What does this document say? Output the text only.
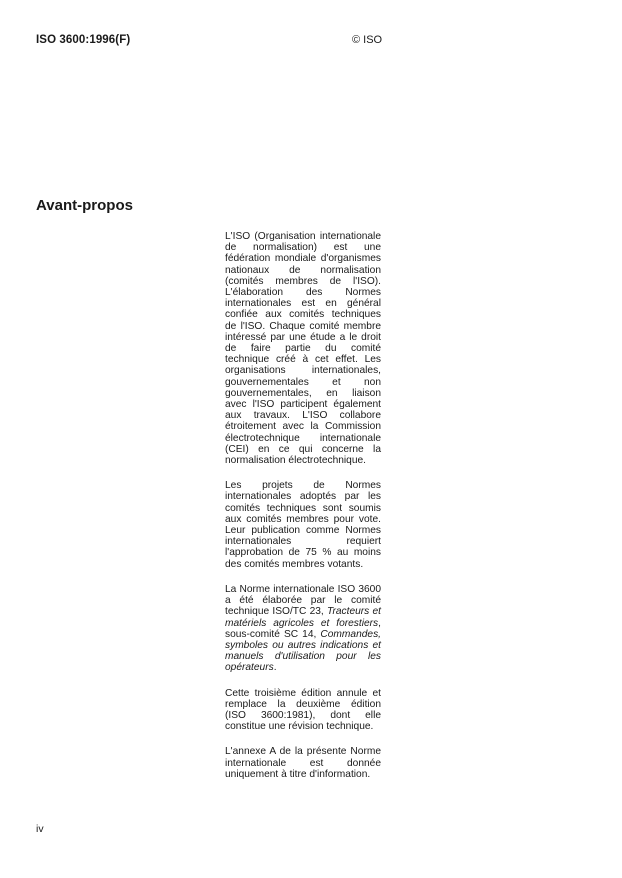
ISO 3600:1996(F)	© ISO
Avant-propos

L'ISO (Organisation internationale de normalisation) est une fédération mondiale d'organismes nationaux de normalisation (comités membres de l'ISO). L'élaboration des Normes internationales est en général confiée aux comités techniques de l'ISO. Chaque comité membre intéressé par une étude a le droit de faire partie du comité technique créé à cet effet. Les organisations internationales, gouvernementales et non gouvernementales, en liaison avec l'ISO participent également aux travaux. L'ISO collabore étroitement avec la Commission électrotechnique internationale (CEI) en ce qui concerne la normalisation électrotechnique.

Les projets de Normes internationales adoptés par les comités techniques sont soumis aux comités membres pour vote. Leur publication comme Normes internationales requiert l'approbation de 75 % au moins des comités membres votants.

La Norme internationale ISO 3600 a été élaborée par le comité technique ISO/TC 23, Tracteurs et matériels agricoles et forestiers, sous-comité SC 14, Commandes, symboles ou autres indications et manuels d'utilisation pour les opérateurs.

Cette troisième édition annule et remplace la deuxième édition (ISO 3600:1981), dont elle constitue une révision technique.

L'annexe A de la présente Norme internationale est donnée uniquement à titre d'information.

iv
